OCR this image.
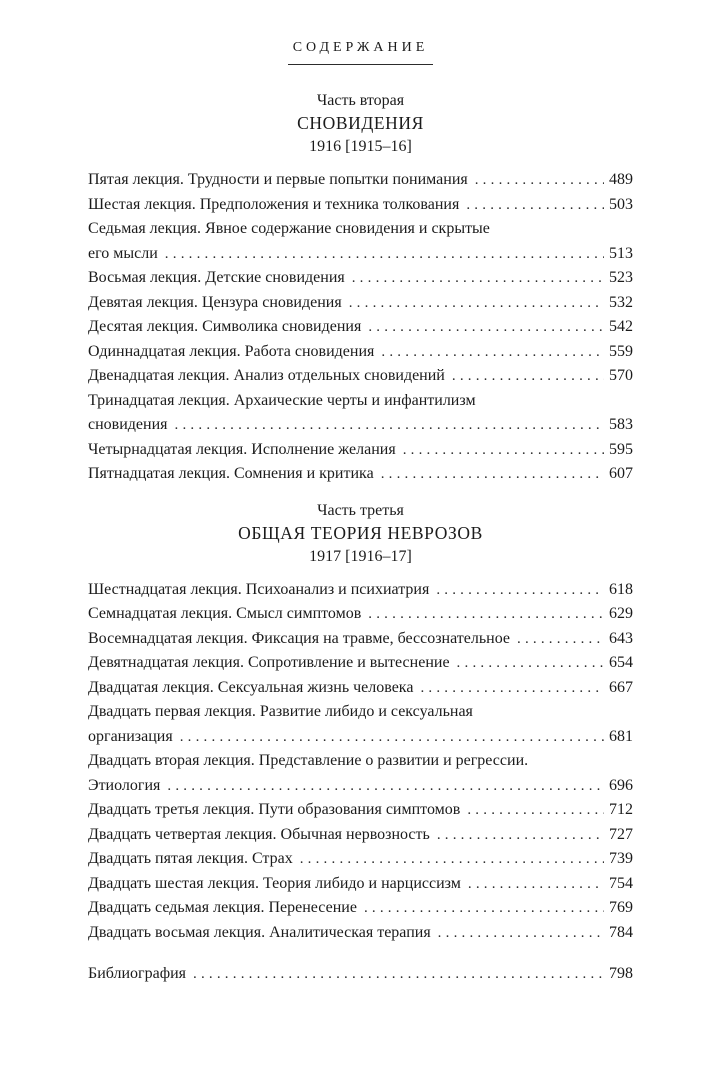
СОДЕРЖАНИЕ
Часть вторая
СНОВИДЕНИЯ
1916 [1915–16]
Пятая лекция. Трудности и первые попытки понимания .....	489
Шестая лекция. Предположения и техника толкования .....	503
Седьмая лекция. Явное содержание сновидения и скрытые
его мысли .....	513
Восьмая лекция. Детские сновидения .....	523
Девятая лекция. Цензура сновидения .....	532
Десятая лекция. Символика сновидения .....	542
Одиннадцатая лекция. Работа сновидения .....	559
Двенадцатая лекция. Анализ отдельных сновидений .....	570
Тринадцатая лекция. Архаические черты и инфантилизм
сновидения .....	583
Четырнадцатая лекция. Исполнение желания .....	595
Пятнадцатая лекция. Сомнения и критика .....	607
Часть третья
ОБЩАЯ ТЕОРИЯ НЕВРОЗОВ
1917 [1916–17]
Шестнадцатая лекция. Психоанализ и психиатрия .....	618
Семнадцатая лекция. Смысл симптомов .....	629
Восемнадцатая лекция. Фиксация на травме, бессознательное .....	643
Девятнадцатая лекция. Сопротивление и вытеснение .....	654
Двадцатая лекция. Сексуальная жизнь человека .....	667
Двадцать первая лекция. Развитие либидо и сексуальная
организация .....	681
Двадцать вторая лекция. Представление о развитии и регрессии.
Этиология .....	696
Двадцать третья лекция. Пути образования симптомов .....	712
Двадцать четвертая лекция. Обычная нервозность .....	727
Двадцать пятая лекция. Страх .....	739
Двадцать шестая лекция. Теория либидо и нарциссизм .....	754
Двадцать седьмая лекция. Перенесение .....	769
Двадцать восьмая лекция. Аналитическая терапия .....	784
Библиография .....	798
